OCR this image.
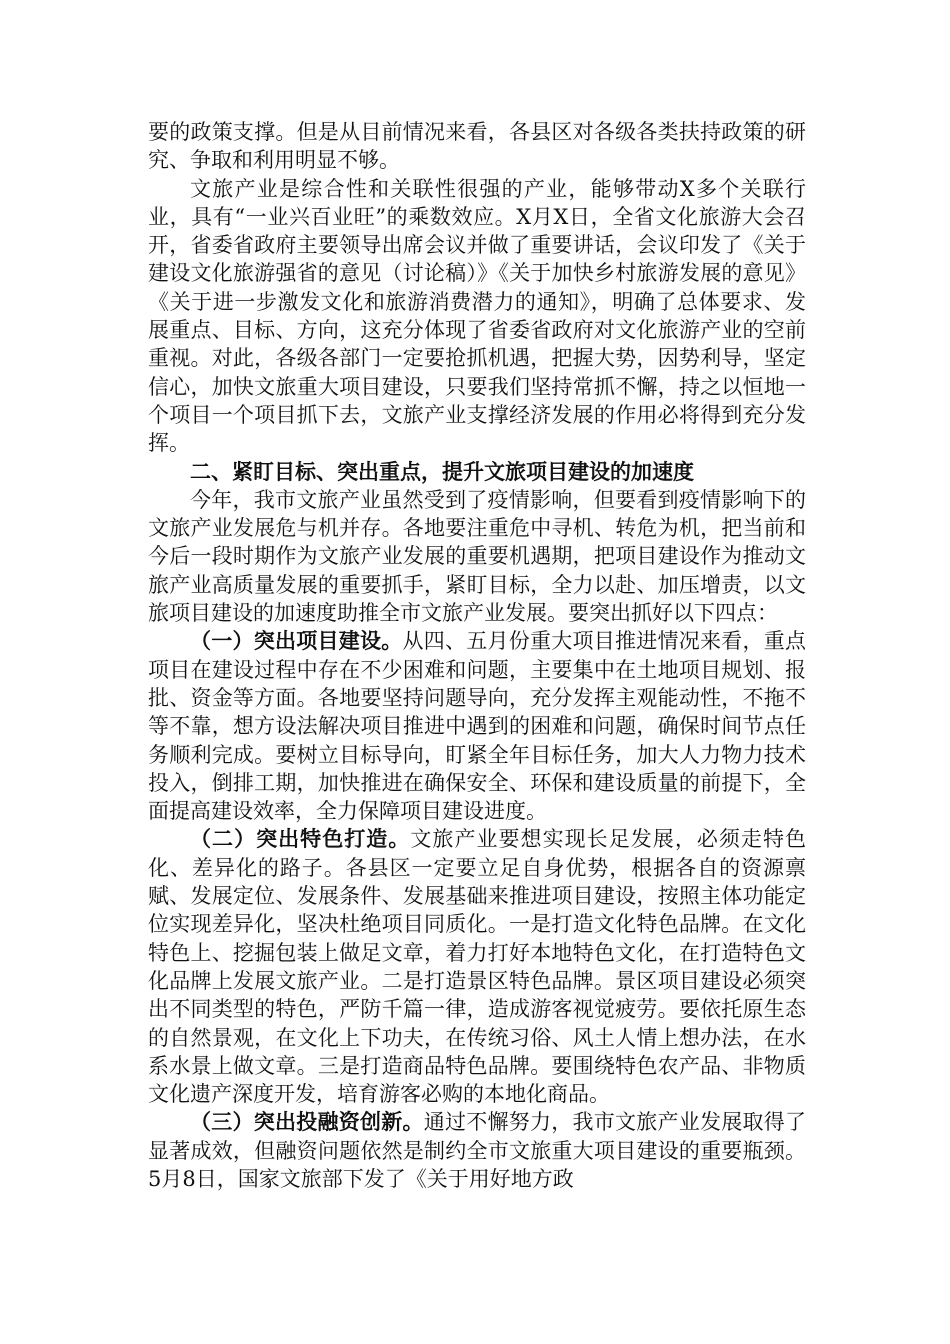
要的政策支撑。但是从目前情况来看，各县区对各级各类扶持政策的研究、争取和利用明显不够。

文旅产业是综合性和关联性很强的产业，能够带动X多个关联行业，具有“一业兴百业旺”的乘数效应。X月X日，全省文化旅游大会召开，省委省政府主要领导出席会议并做了重要讲话，会议印发了《关于建设文化旅游强省的意见（讨论稿）》《关于加快乡村旅游发展的意见》《关于进一步激发文化和旅游消费潜力的通知》，明确了总体要求、发展重点、目标、方向，这充分体现了省委省政府对文化旅游产业的空前重视。对此，各级各部门一定要抢抓机遇，把握大势，因势利导，坚定信心，加快文旅重大项目建设，只要我们坚持常抓不懈，持之以恒地一个项目一个项目抓下去，文旅产业支撑经济发展的作用必将得到充分发挥。

二、紧盯目标、突出重点，提升文旅项目建设的加速度

今年，我市文旅产业虽然受到了疫情影响，但要看到疫情影响下的文旅产业发展危与机并存。各地要注重危中寻机、转危为机，把当前和今后一段时期作为文旅产业发展的重要机遇期，把项目建设作为推动文旅产业高质量发展的重要抓手，紧盯目标，全力以赴、加压增责，以文旅项目建设的加速度助推全市文旅产业发展。要突出抓好以下四点：

（一）突出项目建设。从四、五月份重大项目推进情况来看，重点项目在建设过程中存在不少困难和问题，主要集中在土地项目规划、报批、资金等方面。各地要坚持问题导向，充分发挥主观能动性，不拖不等不靠，想方设法解决项目推进中遇到的困难和问题，确保时间节点任务顺利完成。要树立目标导向，盯紧全年目标任务，加大人力物力技术投入，倒排工期，加快推进在确保安全、环保和建设质量的前提下，全面提高建设效率，全力保障项目建设进度。

（二）突出特色打造。文旅产业要想实现长足发展，必须走特色化、差异化的路子。各县区一定要立足自身优势，根据各自的资源禀赋、发展定位、发展条件、发展基础来推进项目建设，按照主体功能定位实现差异化，坚决杜绝项目同质化。一是打造文化特色品牌。在文化特色上、挖掘包装上做足文章，着力打好本地特色文化，在打造特色文化品牌上发展文旅产业。二是打造景区特色品牌。景区项目建设必须突出不同类型的特色，严防千篇一律，造成游客视觉疲劳。要依托原生态的自然景观，在文化上下功夫，在传统习俗、风土人情上想办法，在水系水景上做文章。三是打造商品特色品牌。要围绕特色农产品、非物质文化遗产深度开发，培育游客必购的本地化商品。

（三）突出投融资创新。通过不懈努力，我市文旅产业发展取得了显著成效，但融资问题依然是制约全市文旅重大项目建设的重要瓶颈。5月8日，国家文旅部下发了《关于用好地方政
